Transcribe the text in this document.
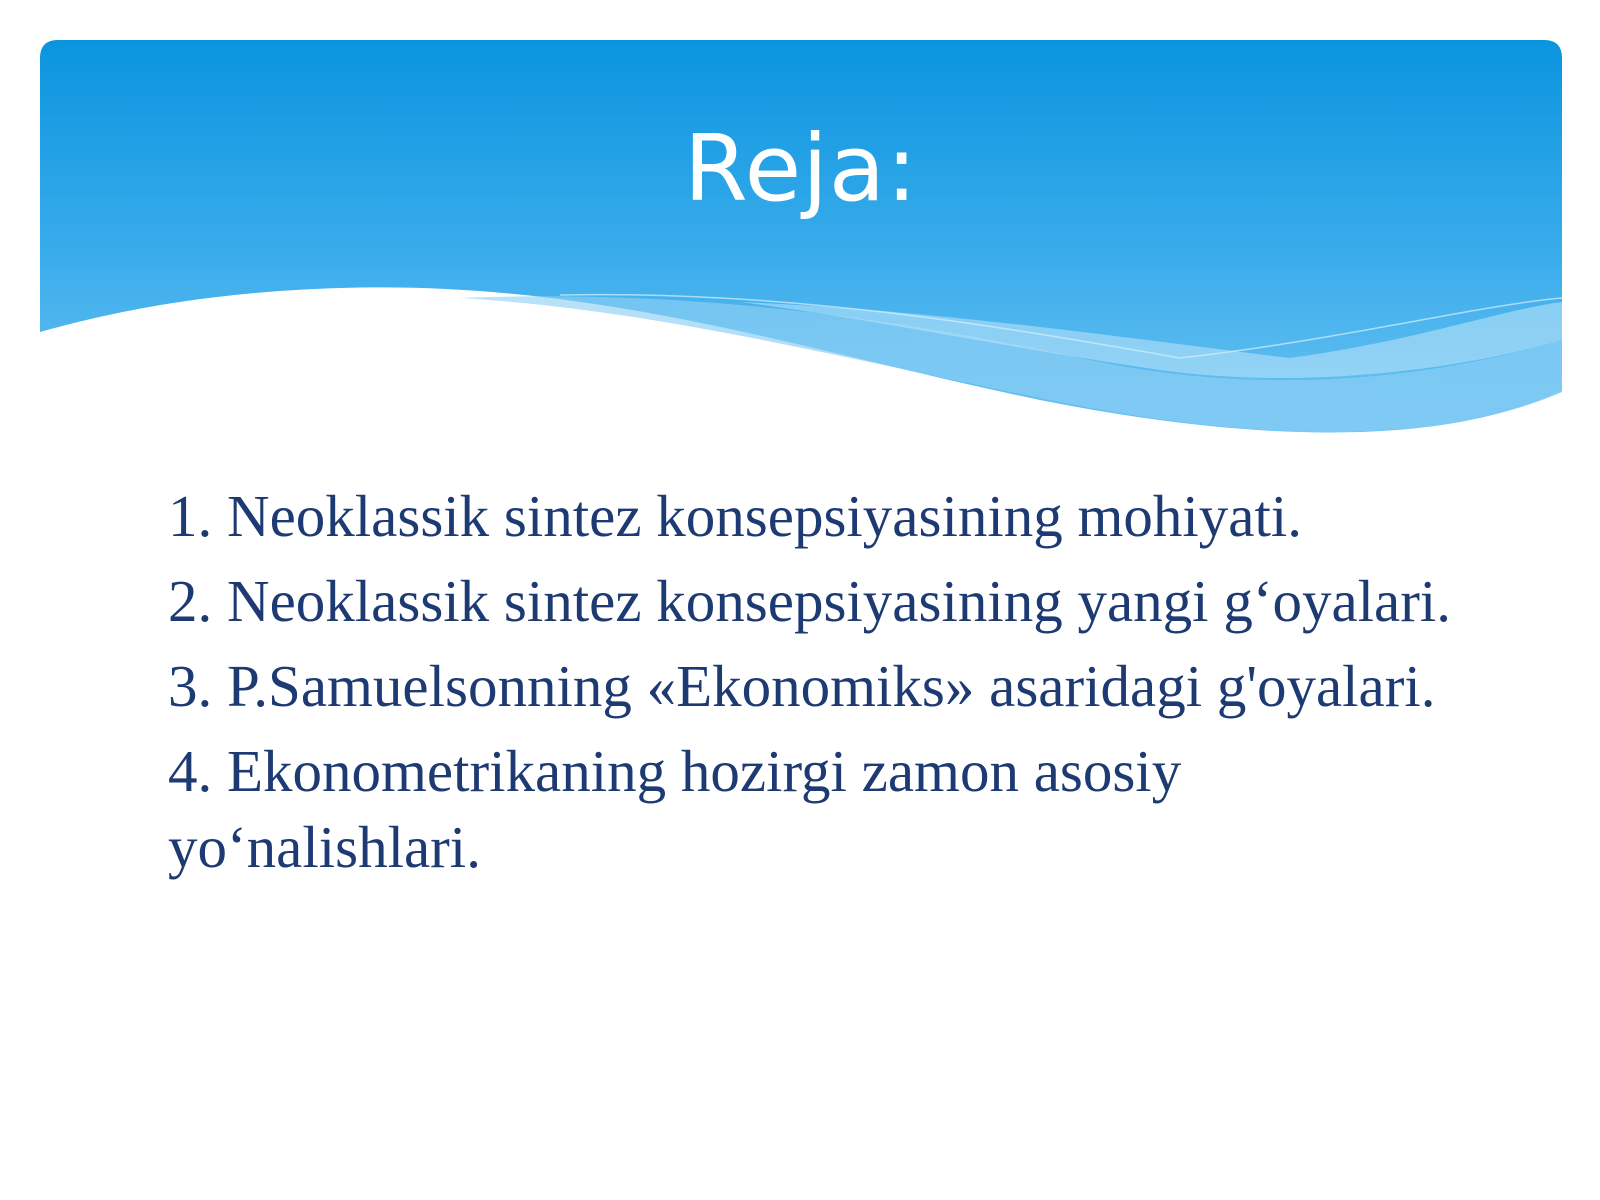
Reja:
1. Neoklassik sintez konsepsiyasining mohiyati.
2. Neoklassik sintez konsepsiyasining yangi g‘oyalari.
3. P.Samuelsonning «Ekonomiks» asaridagi g'oyalari.
4. Ekonometrikaning hozirgi zamon asosiy yo‘nalishlari.
